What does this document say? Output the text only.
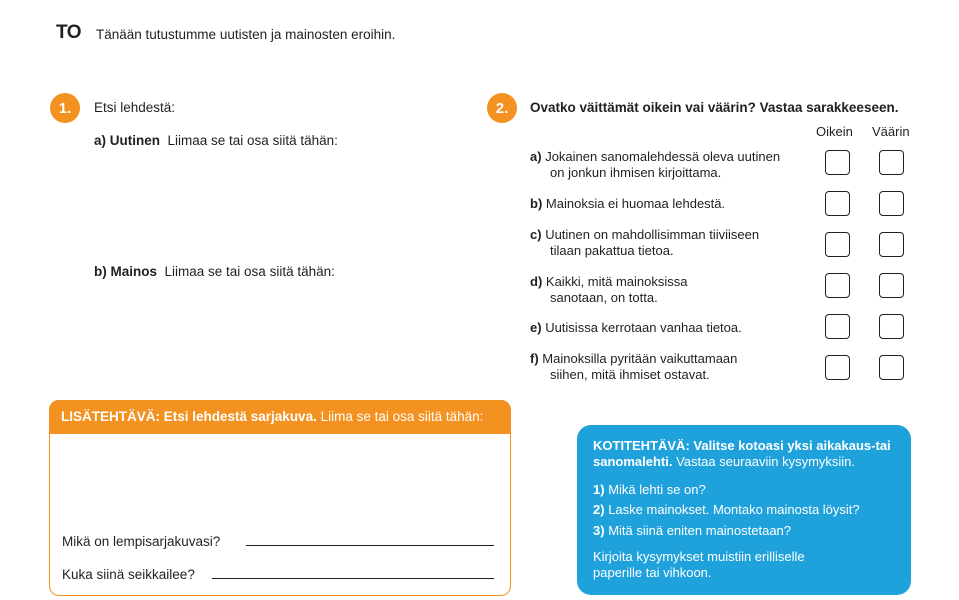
TO Tänään tutustumme uutisten ja mainosten eroihin.
1.	Etsi lehdestä:
a) Uutinen Liimaa se tai osa siitä tähän:
b) Mainos Liimaa se tai osa siitä tähän:
2.	Ovatko väittämät oikein vai väärin? Vastaa sarakkeeseen.
Oikein Väärin
a) Jokainen sanomalehdessä oleva uutinen
on jonkun ihmisen kirjoittama.
b) Mainoksia ei huomaa lehdestä.
c) Uutinen on mahdollisimman tiiviiseen
tilaan pakattua tietoa.
d) Kaikki, mitä mainoksissa
sanotaan, on totta.
e) Uutisissa kerrotaan vanhaa tietoa.
f) Mainoksilla pyritään vaikuttamaan
siihen, mitä ihmiset ostavat.
LISÄTEHTÄVÄ: Etsi lehdestä sarjakuva. Liima se tai osa siitä tähän:
Mikä on lempisarjakuvasi?
Kuka siinä seikkailee?
KOTITEHTÄVÄ: Valitse kotoasi yksi aikakaus-tai sanomalehti. Vastaa seuraaviin kysymyksiin.
1) Mikä lehti se on?
2) Laske mainokset. Montako mainosta löysit?
3) Mitä siinä eniten mainostetaan?
Kirjoita kysymykset muistiin erilliselle paperille tai vihkoon.
